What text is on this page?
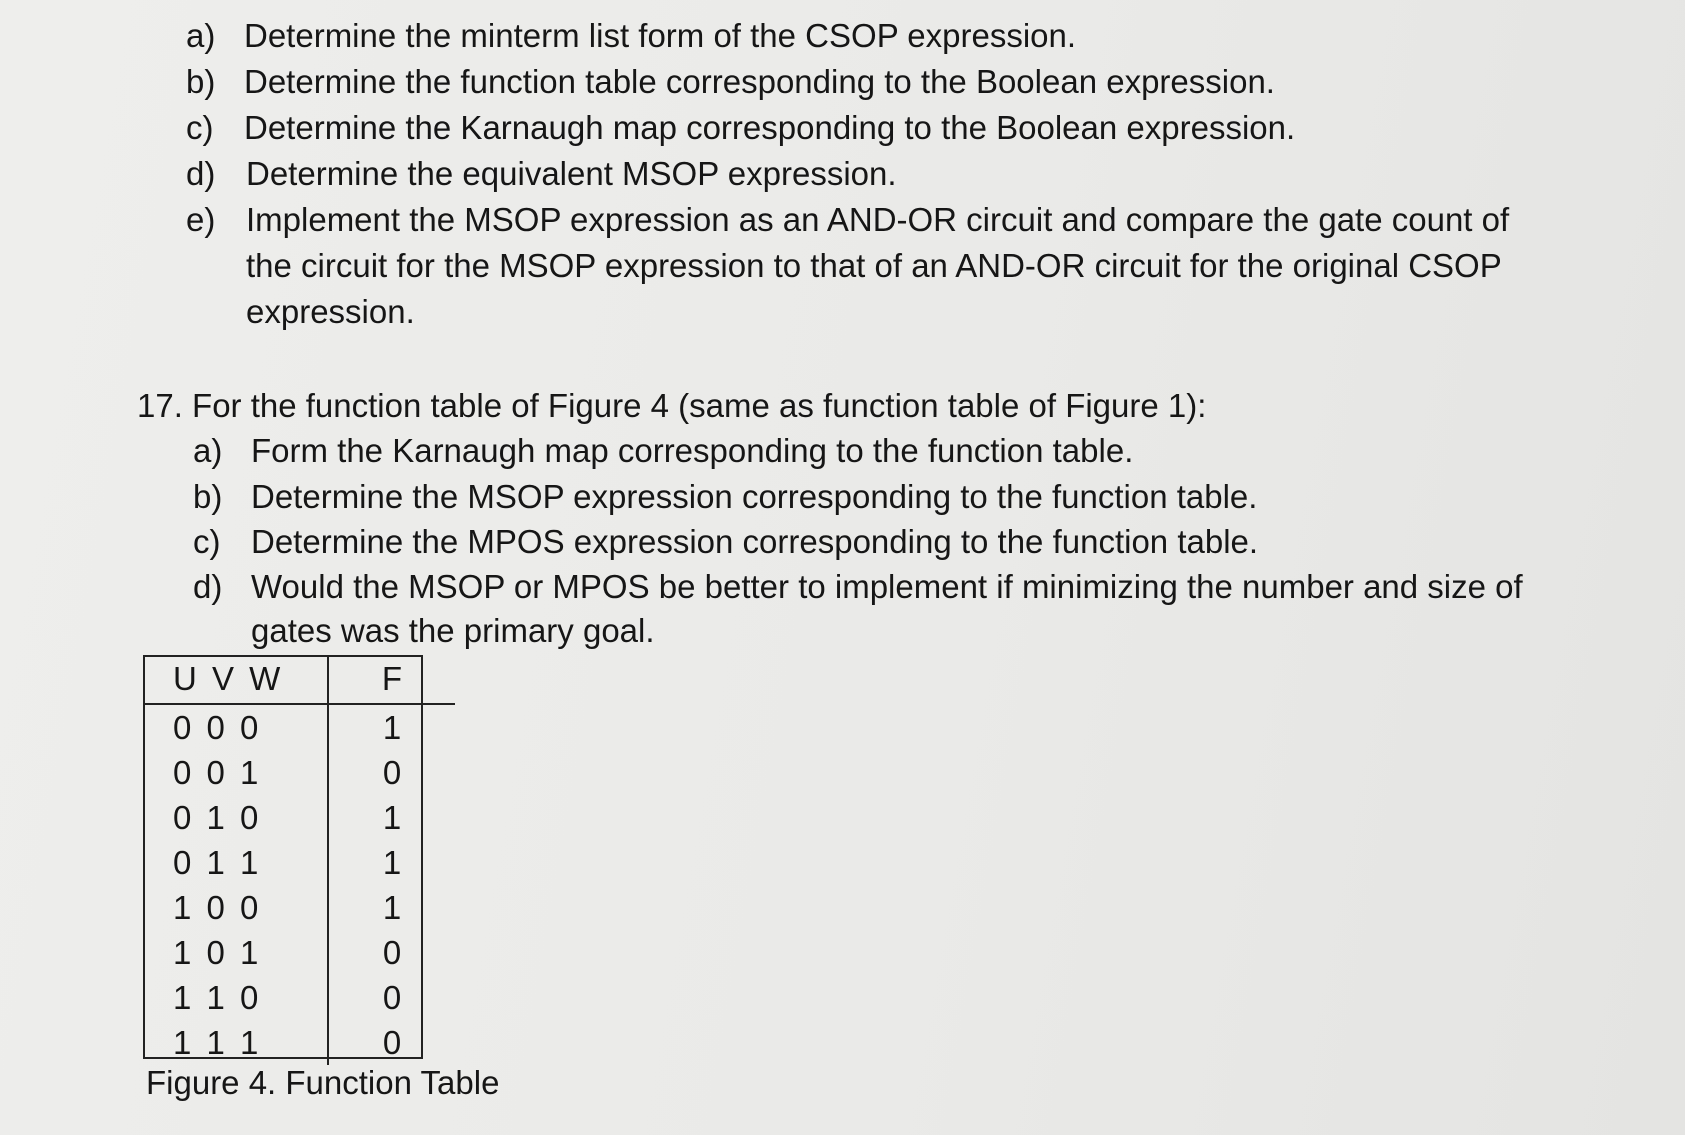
a) Determine the minterm list form of the CSOP expression.
b) Determine the function table corresponding to the Boolean expression.
c) Determine the Karnaugh map corresponding to the Boolean expression.
d) Determine the equivalent MSOP expression.
e) Implement the MSOP expression as an AND-OR circuit and compare the gate count of
the circuit for the MSOP expression to that of an AND-OR circuit for the original CSOP
expression.
17. For the function table of Figure 4 (same as function table of Figure 1):
a) Form the Karnaugh map corresponding to the function table.
b) Determine the MSOP expression corresponding to the function table.
c) Determine the MPOS expression corresponding to the function table.
d) Would the MSOP or MPOS be better to implement if minimizing the number and size of
gates was the primary goal.
U V W	F
0 0 0	1
0 0 1	0
0 1 0	1
0 1 1	1
1 0 0	1
1 0 1	0
1 1 0	0
1 1 1	0
Figure 4. Function Table
